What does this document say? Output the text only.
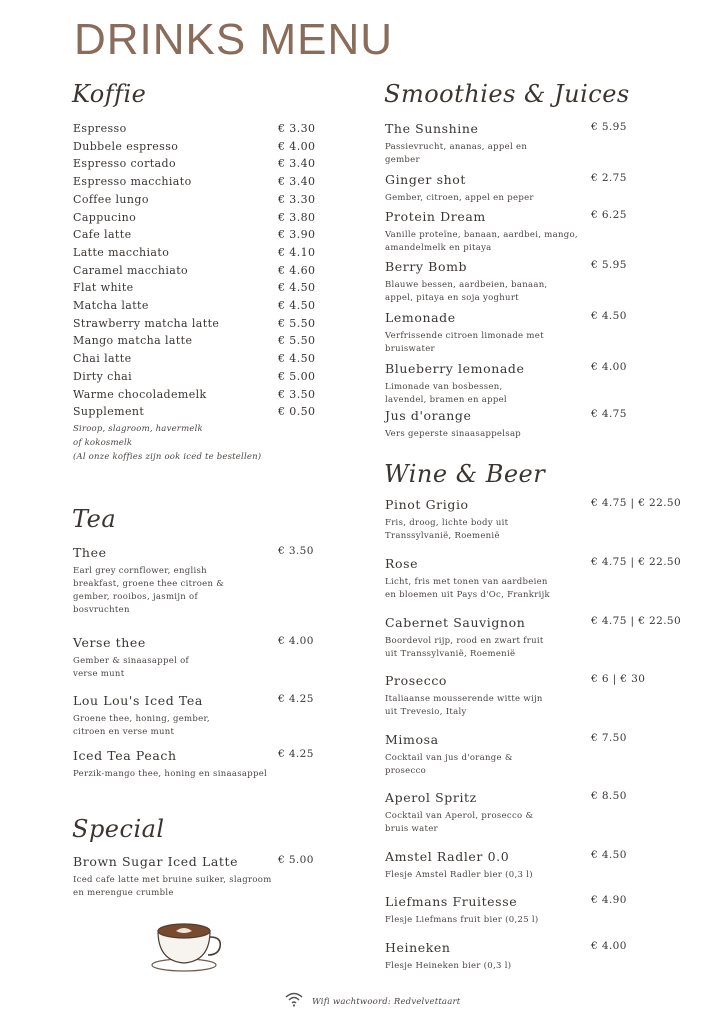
DRINKS MENU
Koffie
Espresso	€ 3.30
Dubbele espresso	€ 4.00
Espresso cortado	€ 3.40
Espresso macchiato	€ 3.40
Coffee lungo	€ 3.30
Cappucino	€ 3.80
Cafe latte	€ 3.90
Latte macchiato	€ 4.10
Caramel macchiato	€ 4.60
Flat white	€ 4.50
Matcha latte	€ 4.50
Strawberry matcha latte	€ 5.50
Mango matcha latte	€ 5.50
Chai latte	€ 4.50
Dirty chai	€ 5.00
Warme chocolademelk	€ 3.50
Supplement	€ 0.50
Siroop, slagroom, havermelk
of kokosmelk
(Al onze koffies zijn ook iced te bestellen)
Tea
Thee	€ 3.50
Earl grey cornflower, english
breakfast, groene thee citroen &
gember, rooibos, jasmijn of
bosvruchten
Verse thee	€ 4.00
Gember & sinaasappel of
verse munt
Lou Lou's Iced Tea	€ 4.25
Groene thee, honing, gember,
citroen en verse munt
Iced Tea Peach	€ 4.25
Perzik-mango thee, honing en sinaasappel
Special
Brown Sugar Iced Latte	€ 5.00
Iced cafe latte met bruine suiker, slagroom
en merengue crumble
Smoothies & Juices
The Sunshine	€ 5.95
Passievrucht, ananas, appel en
gember
Ginger shot	€ 2.75
Gember, citroen, appel en peper
Protein Dream	€ 6.25
Vanille proteïne, banaan, aardbei, mango,
amandelmelk en pitaya
Berry Bomb	€ 5.95
Blauwe bessen, aardbeien, banaan,
appel, pitaya en soja yoghurt
Lemonade	€ 4.50
Verfrissende citroen limonade met
bruiswater
Blueberry lemonade	€ 4.00
Limonade van bosbessen,
lavendel, bramen en appel
Jus d'orange	€ 4.75
Vers geperste sinaasappelsap
Wine & Beer
Pinot Grigio	€ 4.75 | € 22.50
Fris, droog, lichte body uit
Transsylvanië, Roemenië
Rose	€ 4.75 | € 22.50
Licht, fris met tonen van aardbeien
en bloemen uit Pays d'Oc, Frankrijk
Cabernet Sauvignon	€ 4.75 | € 22.50
Boordevol rijp, rood en zwart fruit
uit Transsylvanië, Roemenië
Prosecco	€ 6 | € 30
Italiaanse mousserende witte wijn
uit Trevesio, Italy
Mimosa	€ 7.50
Cocktail van jus d'orange &
prosecco
Aperol Spritz	€ 8.50
Cocktail van Aperol, prosecco &
bruis water
Amstel Radler 0.0	€ 4.50
Flesje Amstel Radler bier (0,3 l)
Liefmans Fruitesse	€ 4.90
Flesje Liefmans fruit bier (0,25 l)
Heineken	€ 4.00
Flesje Heineken bier (0,3 l)
Wifi wachtwoord: Redvelvettaart
